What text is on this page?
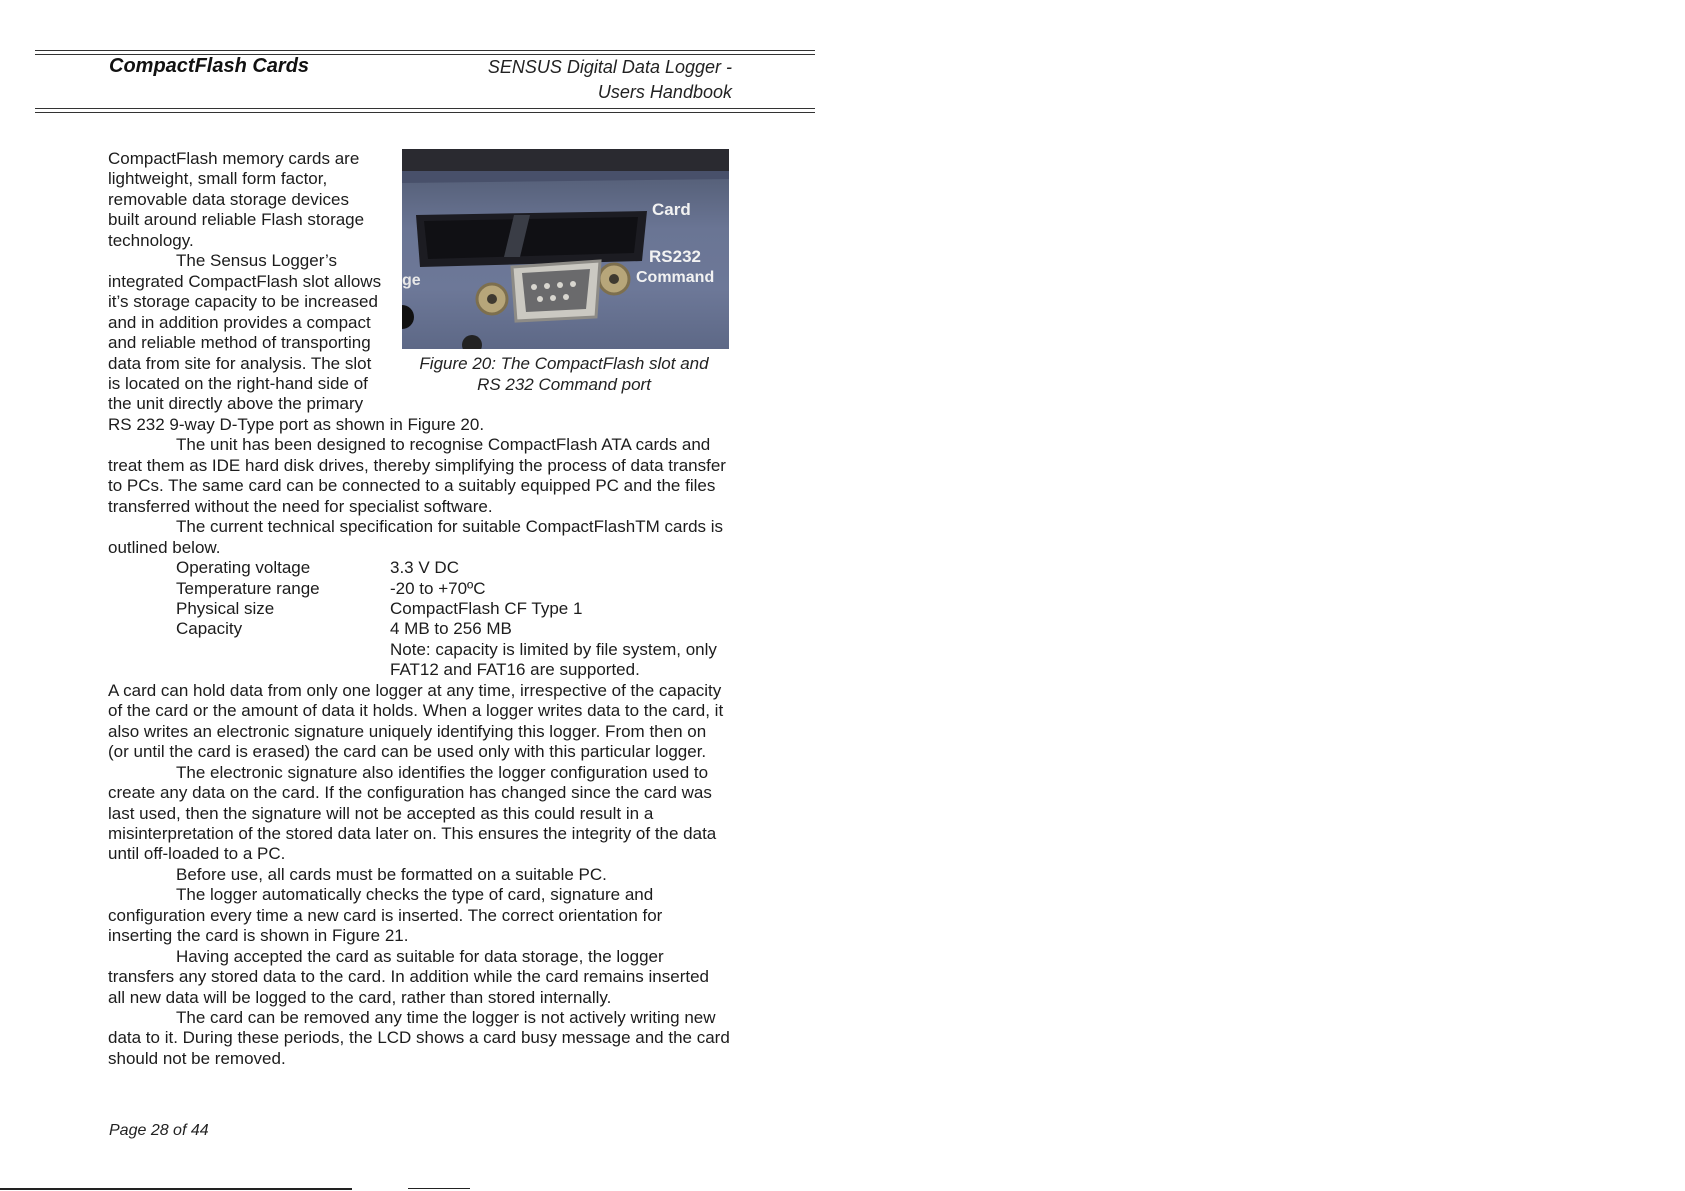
CompactFlash Cards	SENSUS Digital Data Logger -
Users Handbook
Card
RS232
Command
ge
Figure 20: The CompactFlash slot and
RS 232 Command port

CompactFlash memory cards are lightweight, small form factor, removable data storage devices built around reliable Flash storage technology.

The Sensus Logger’s integrated CompactFlash slot allows it’s storage capacity to be increased and in addition provides a compact and reliable method of transporting data from site for analysis. The slot is located on the right-hand side of the unit directly above the primary RS 232 9-way D-Type port as shown in Figure 20.

The unit has been designed to recognise CompactFlash ATA cards and treat them as IDE hard disk drives, thereby simplifying the process of data transfer to PCs. The same card can be connected to a suitably equipped PC and the files transferred without the need for specialist software.

The current technical specification for suitable CompactFlashTM cards is outlined below.

Operating voltage	3.3 V DC
Temperature range	-20 to +70ºC
Physical size	CompactFlash CF Type 1
Capacity	4 MB to 256 MB
Note: capacity is limited by file system, only FAT12 and FAT16 are supported.

A card can hold data from only one logger at any time, irrespective of the capacity of the card or the amount of data it holds. When a logger writes data to the card, it also writes an electronic signature uniquely identifying this logger. From then on (or until the card is erased) the card can be used only with this particular logger.

The electronic signature also identifies the logger configuration used to create any data on the card. If the configuration has changed since the card was last used, then the signature will not be accepted as this could result in a misinterpretation of the stored data later on. This ensures the integrity of the data until off-loaded to a PC.

Before use, all cards must be formatted on a suitable PC.

The logger automatically checks the type of card, signature and configuration every time a new card is inserted. The correct orientation for inserting the card is shown in Figure 21.

Having accepted the card as suitable for data storage, the logger transfers any stored data to the card. In addition while the card remains inserted all new data will be logged to the card, rather than stored internally.

The card can be removed any time the logger is not actively writing new data to it. During these periods, the LCD shows a card busy message and the card should not be removed.

Page 28 of 44
